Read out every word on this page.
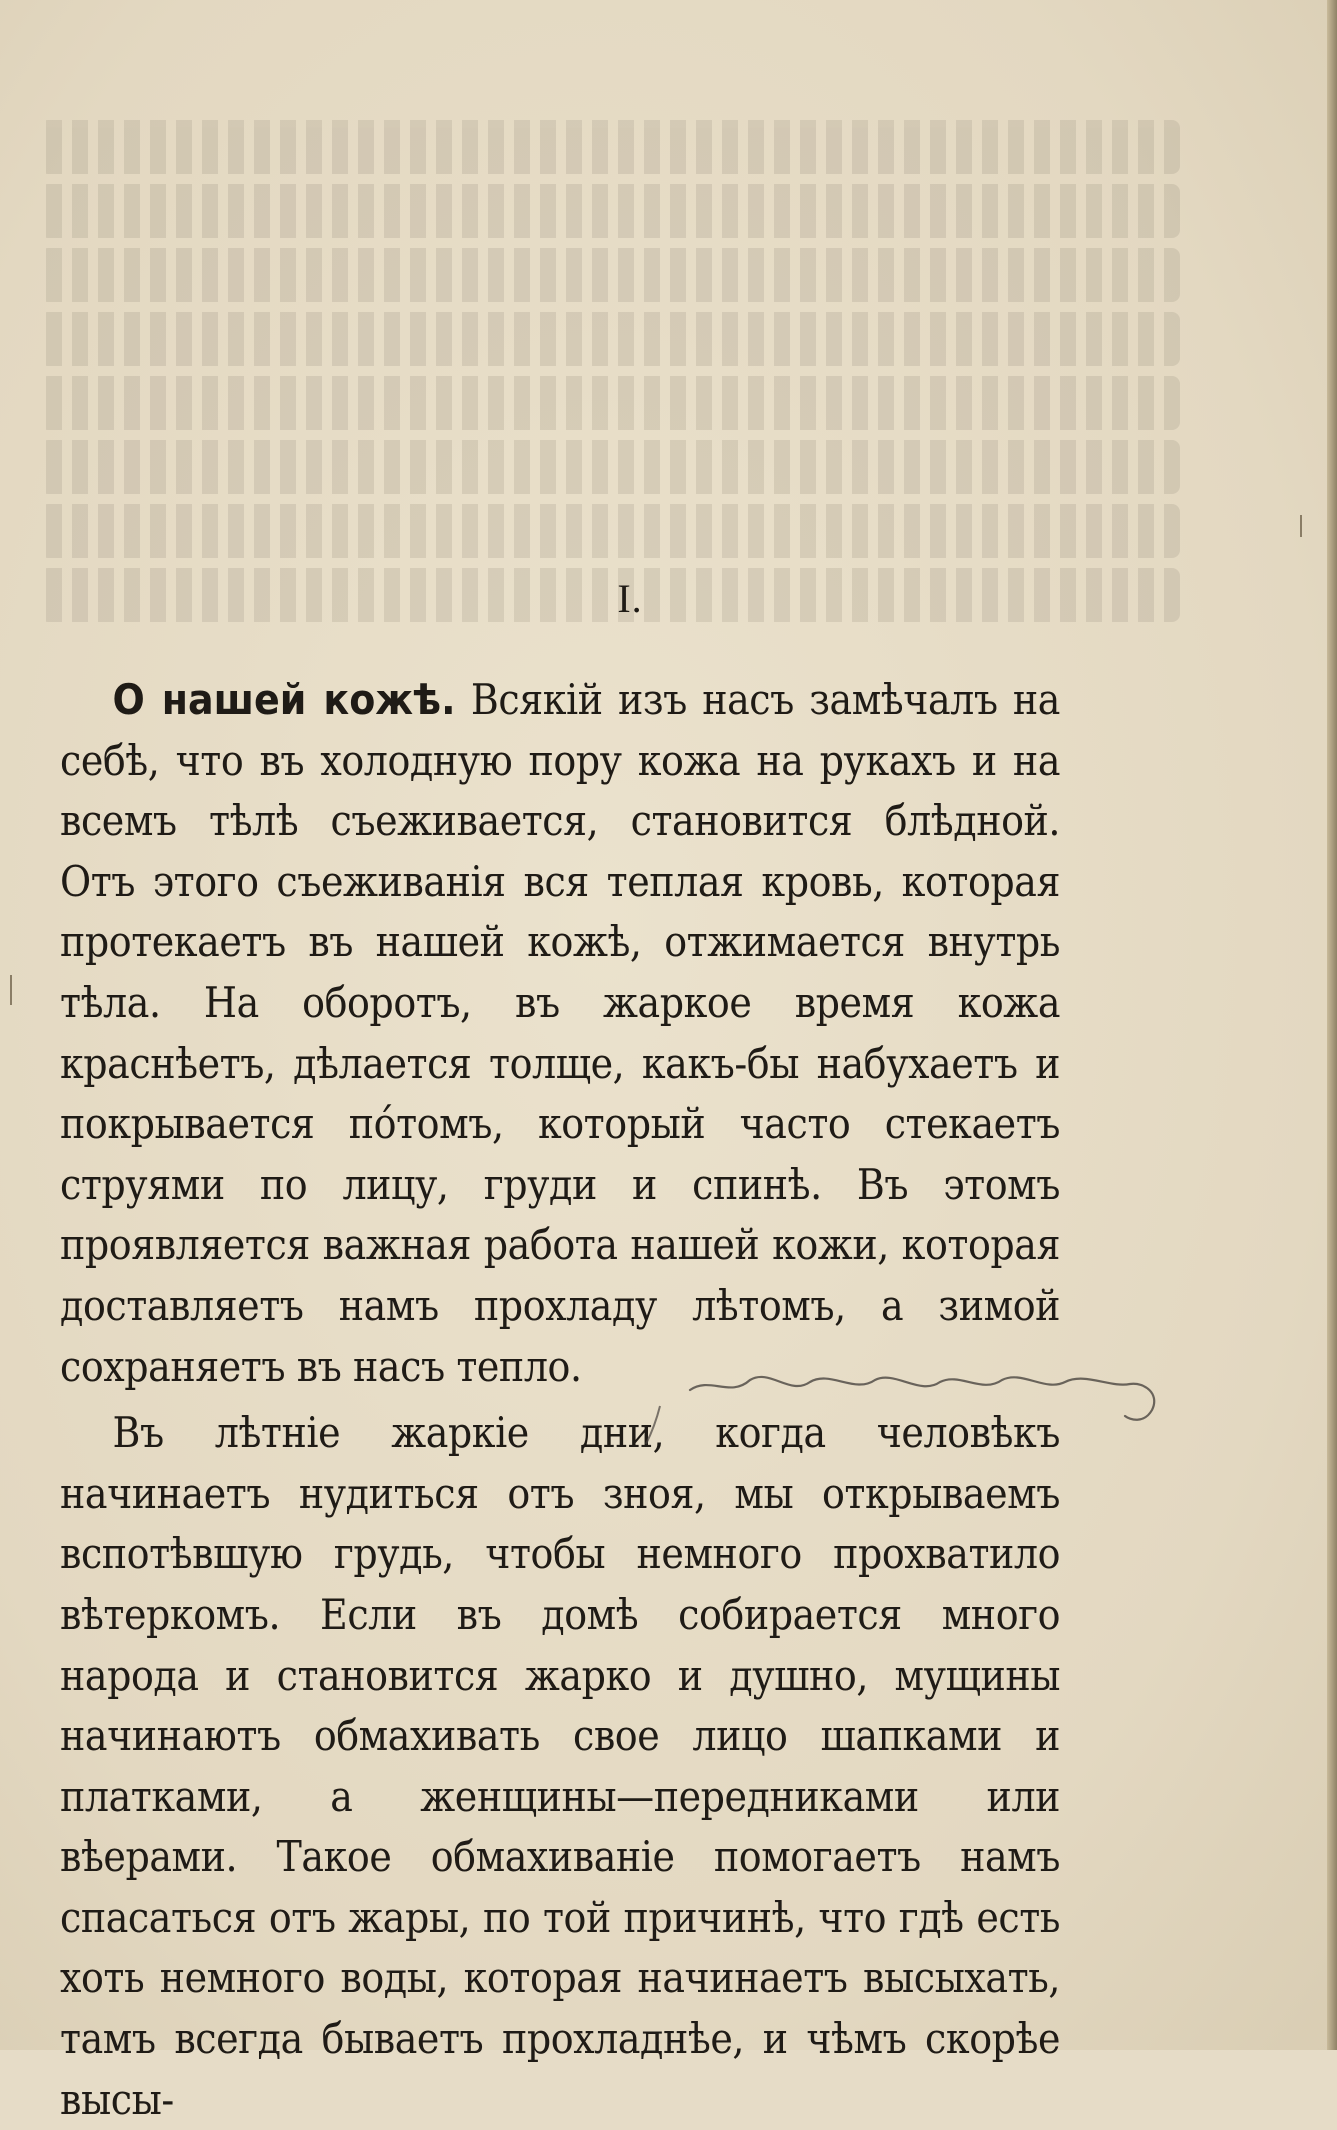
I.

О нашей кожѣ. Всякій изъ насъ замѣчалъ на себѣ, что въ холодную пору кожа на рукахъ и на всемъ тѣлѣ съеживается, становится блѣдной. Отъ этого съеживанія вся теплая кровь, которая протекаетъ въ нашей кожѣ, отжимается внутрь тѣла. На оборотъ, въ жаркое время кожа краснѣетъ, дѣлается толще, какъ-бы набухаетъ и покрывается по́томъ, который часто стекаетъ струями по лицу, груди и спинѣ. Въ этомъ проявляется важная работа нашей кожи, которая доставляетъ намъ прохладу лѣтомъ, а зимой сохраняетъ въ насъ тепло.

Въ лѣтніе жаркіе дни, когда человѣкъ начинаетъ нудиться отъ зноя, мы открываемъ вспотѣвшую грудь, чтобы немного прохватило вѣтеркомъ. Если въ домѣ собирается много народа и становится жарко и душно, мущины начинаютъ обмахивать свое лицо шапками и платками, а женщины—передниками или вѣерами. Такое обмахиваніе помогаетъ намъ спасаться отъ жары, по той причинѣ, что гдѣ есть хоть немного воды, которая начинаетъ высыхать, тамъ всегда бываетъ прохладнѣе, и чѣмъ скорѣе высы-
